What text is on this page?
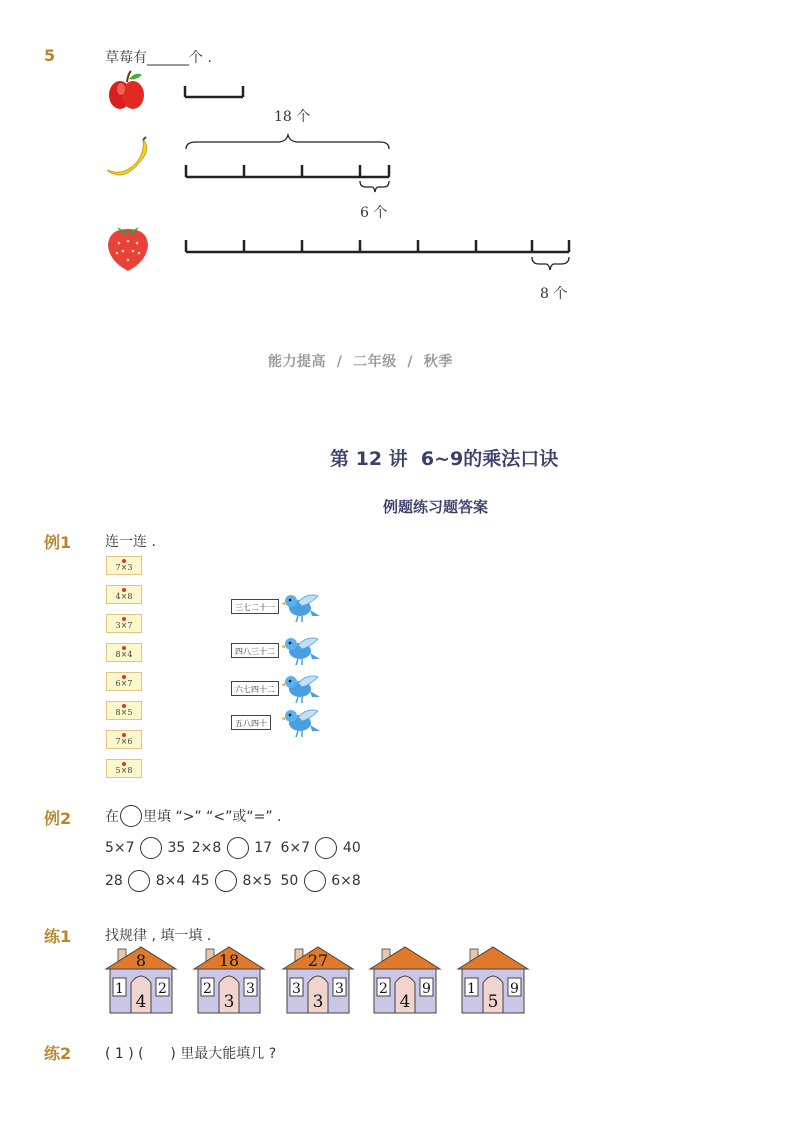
5	草莓有______个 .
18 个
6 个
8 个
能力提高  /  二年级  /  秋季
第 12 讲  6~9的乘法口诀
例题练习题答案
例1 连一连 .
7×3
4×8
3×7
8×4
6×7
8×5
7×6
5×8
三七二十一
四八三十二
六七四十二
五八四十
例2 在 里填 “>” “<”或“=” .
5×7 35 2×8 17 6×7 40
28 8×4 45 8×5 50 6×8
练1 找规律 , 填一填 .
8
1 2
4
18
2 3
3
27
3 3
3
2 9
4
1 9
5
练2 ( 1 ) (      ) 里最大能填几 ?
